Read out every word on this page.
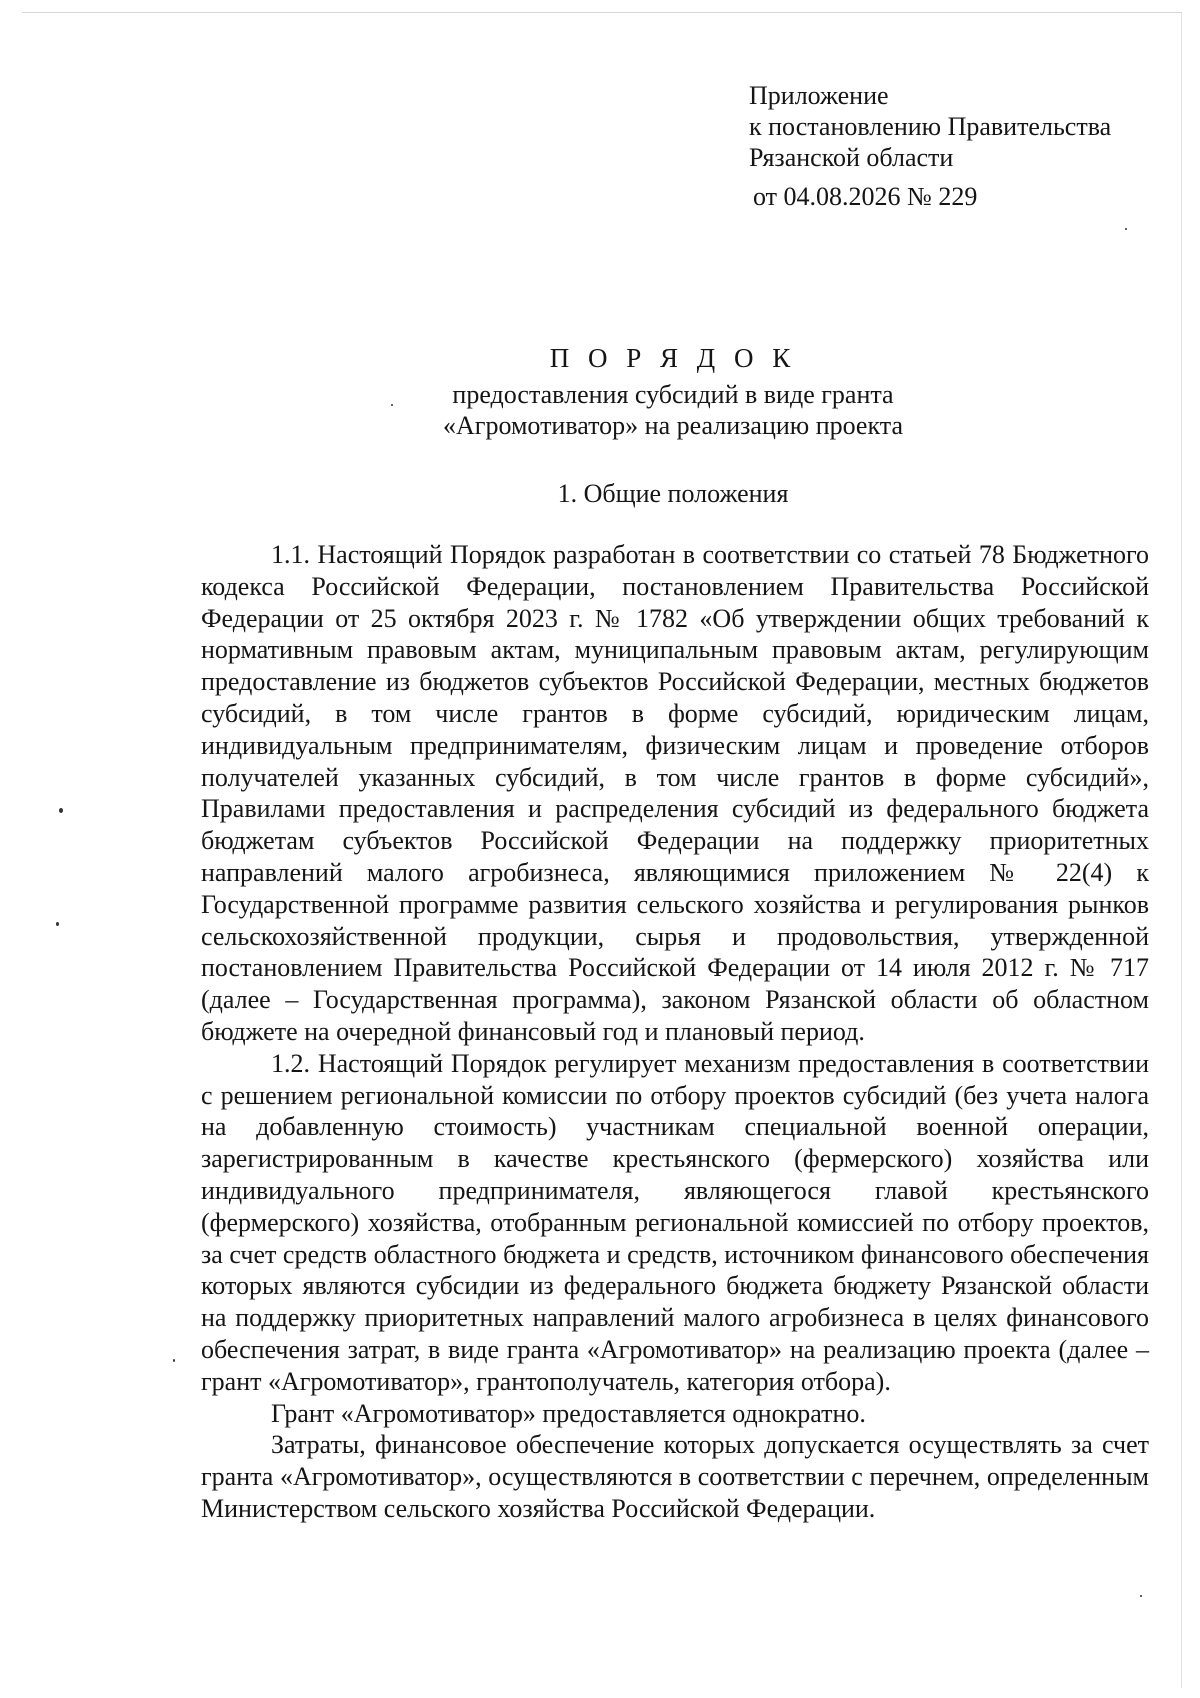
Приложение
к постановлению Правительства
Рязанской области
от 04.08.2026 № 229
П О Р Я Д О К
предоставления субсидий в виде гранта
«Агромотиватор» на реализацию проекта
1. Общие положения

1.1. Настоящий Порядок разработан в соответствии со статьей 78 Бюджетного кодекса Российской Федерации, постановлением Правительства Российской Федерации от 25 октября 2023 г. № 1782 «Об утверждении общих требований к нормативным правовым актам, муниципальным правовым актам, регулирующим предоставление из бюджетов субъектов Российской Федерации, местных бюджетов субсидий, в том числе грантов в форме субсидий, юридическим лицам, индивидуальным предпринимателям, физическим лицам и проведение отборов получателей указанных субсидий, в том числе грантов в форме субсидий», Правилами предоставления и распределения субсидий из федерального бюджета бюджетам субъектов Российской Федерации на поддержку приоритетных направлений малого агробизнеса, являющимися приложением № 22(4) к Государственной программе развития сельского хозяйства и регулирования рынков сельскохозяйственной продукции, сырья и продовольствия, утвержденной постановлением Правительства Российской Федерации от 14 июля 2012 г. № 717 (далее – Государственная программа), законом Рязанской области об областном бюджете на очередной финансовый год и плановый период.

1.2. Настоящий Порядок регулирует механизм предоставления в соответствии с решением региональной комиссии по отбору проектов субсидий (без учета налога на добавленную стоимость) участникам специальной военной операции, зарегистрированным в качестве крестьянского (фермерского) хозяйства или индивидуального предпринимателя, являющегося главой крестьянского (фермерского) хозяйства, отобранным региональной комиссией по отбору проектов, за счет средств областного бюджета и средств, источником финансового обеспечения которых являются субсидии из федерального бюджета бюджету Рязанской области на поддержку приоритетных направлений малого агробизнеса в целях финансового обеспечения затрат, в виде гранта «Агромотиватор» на реализацию проекта (далее – грант «Агромотиватор», грантополучатель, категория отбора).

Грант «Агромотиватор» предоставляется однократно.

Затраты, финансовое обеспечение которых допускается осуществлять за счет гранта «Агромотиватор», осуществляются в соответствии с перечнем, определенным Министерством сельского хозяйства Российской Федерации.
